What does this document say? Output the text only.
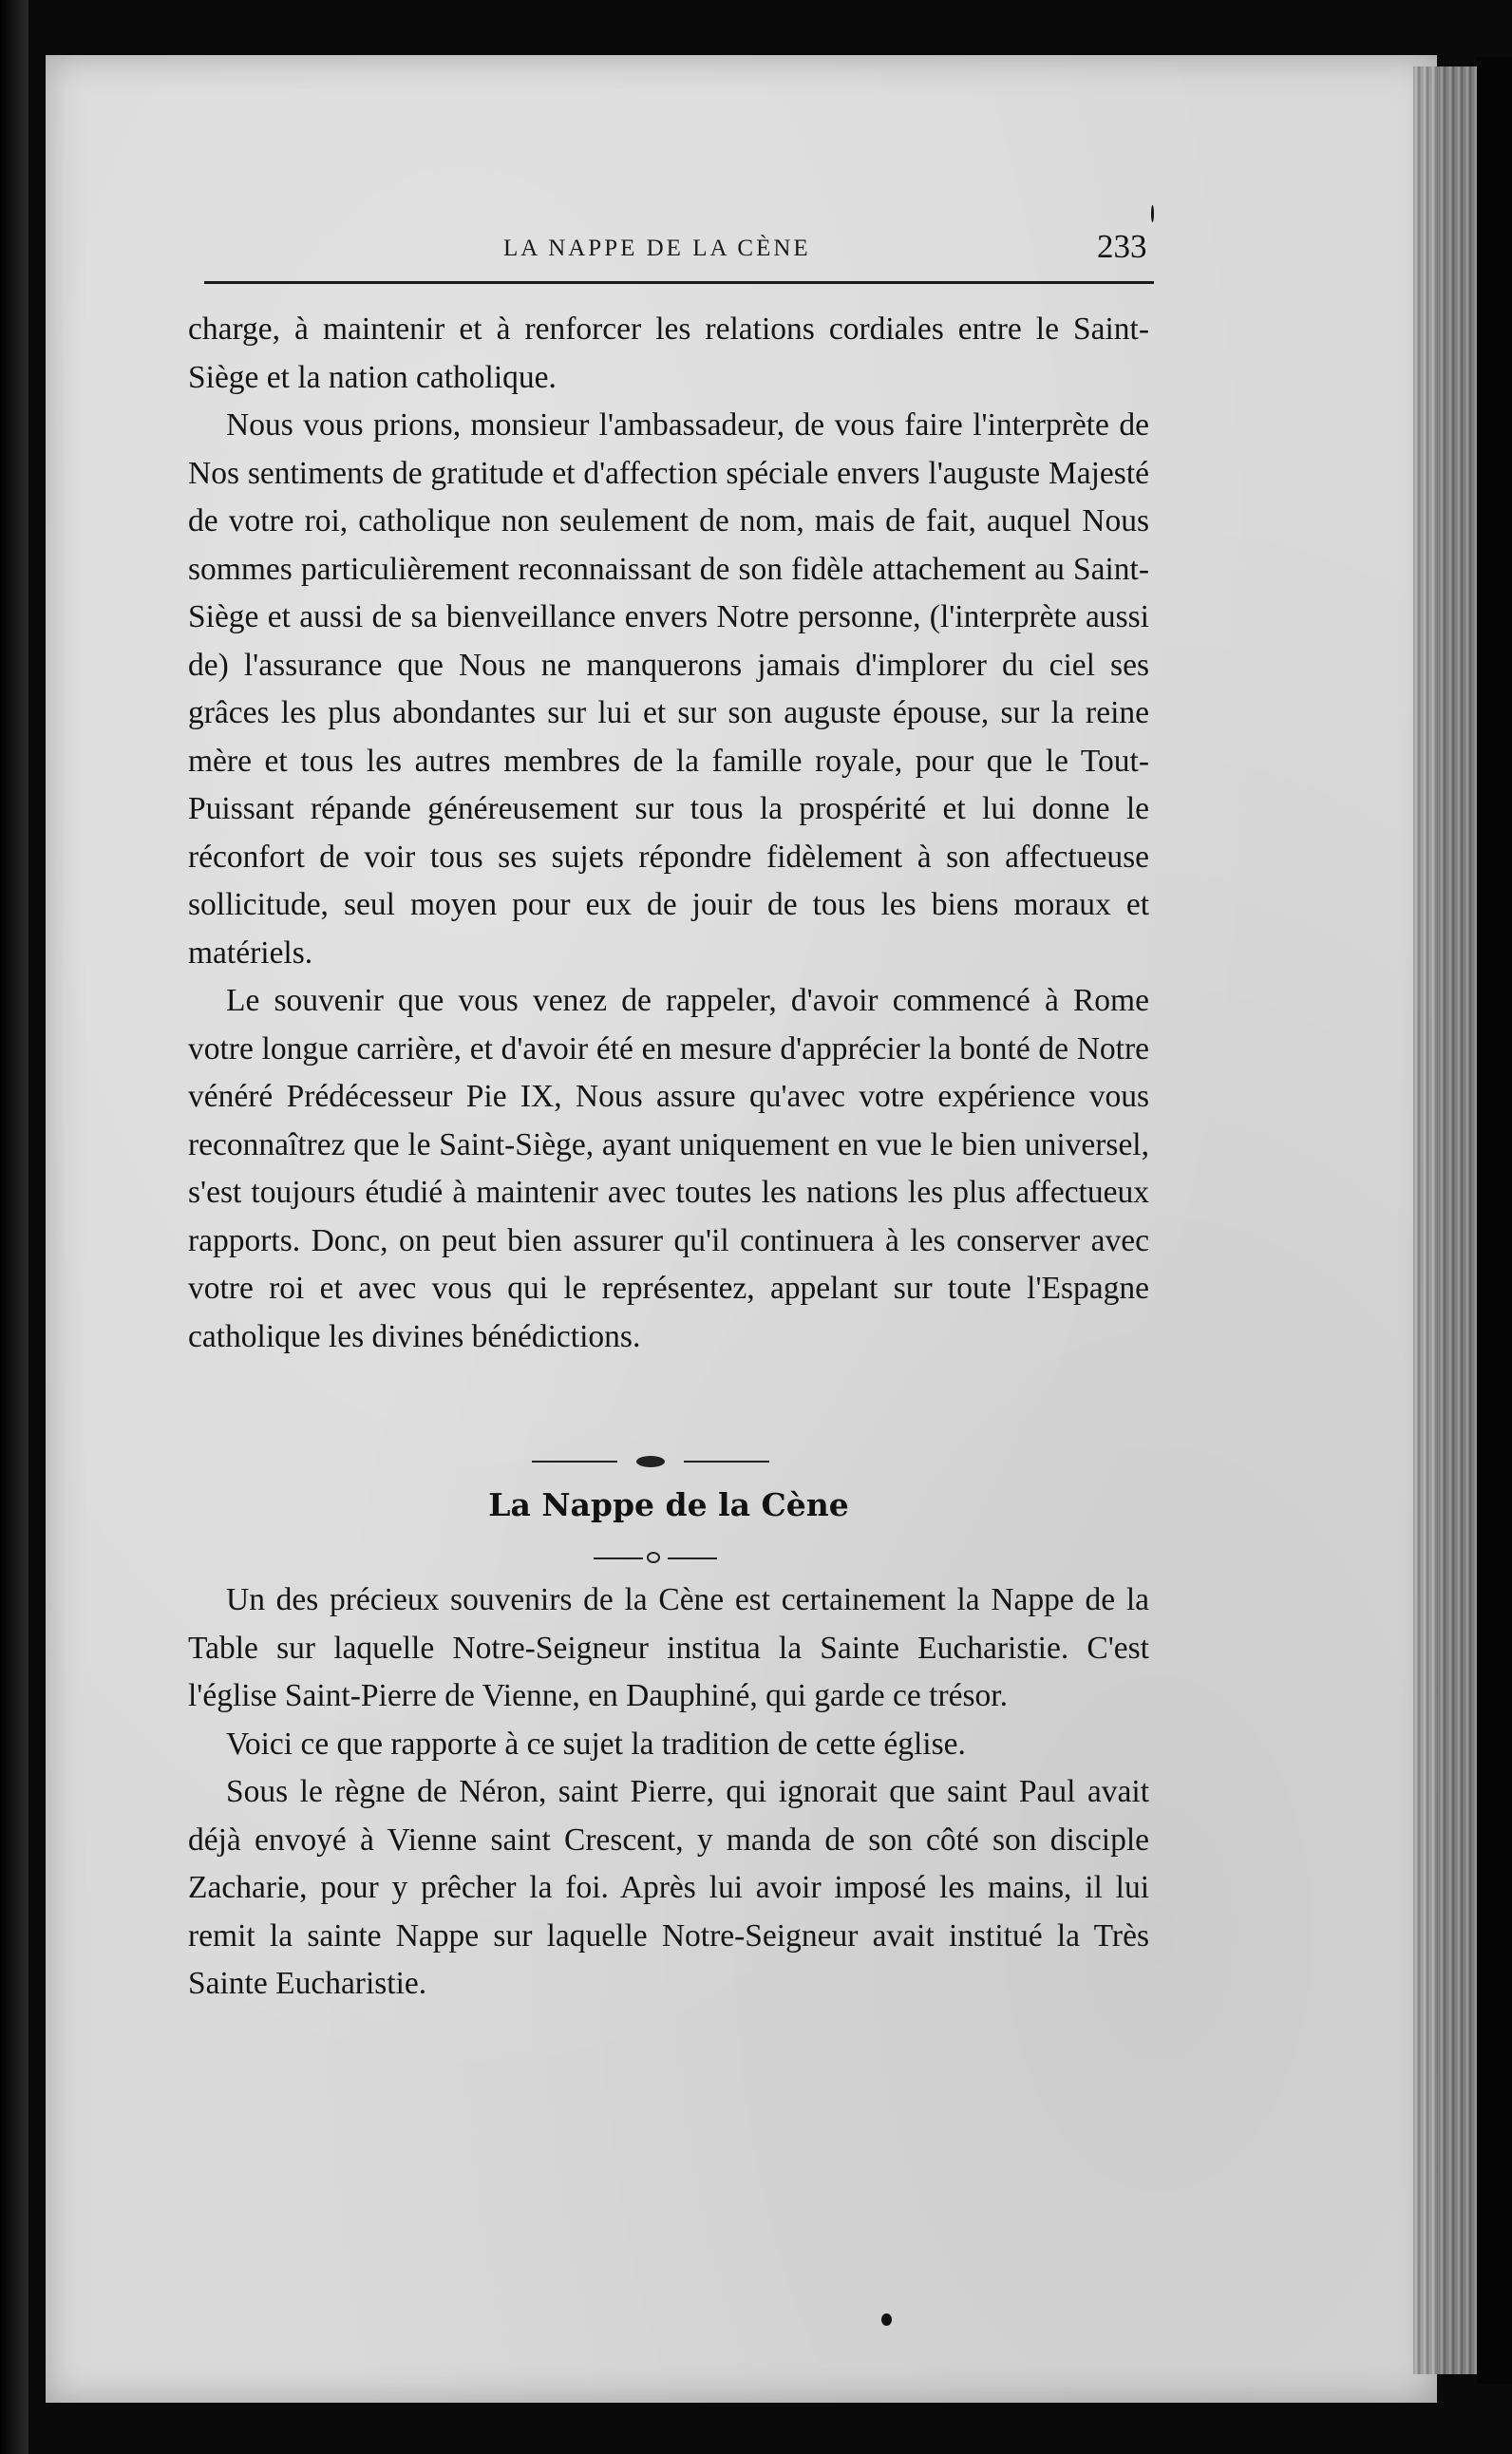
LA NAPPE DE LA CÈNE	233

charge, à maintenir et à renforcer les relations cordiales entre le Saint-Siège et la nation catholique.

Nous vous prions, monsieur l'ambassadeur, de vous faire l'interprète de Nos sentiments de gratitude et d'affection spéciale envers l'auguste Majesté de votre roi, catholique non seulement de nom, mais de fait, auquel Nous sommes particulièrement reconnaissant de son fidèle attachement au Saint-Siège et aussi de sa bienveillance envers Notre personne, (l'interprète aussi de) l'assurance que Nous ne manquerons jamais d'implorer du ciel ses grâces les plus abondantes sur lui et sur son auguste épouse, sur la reine mère et tous les autres membres de la famille royale, pour que le Tout-Puissant répande généreusement sur tous la prospérité et lui donne le réconfort de voir tous ses sujets répondre fidèlement à son affectueuse sollicitude, seul moyen pour eux de jouir de tous les biens moraux et matériels.

Le souvenir que vous venez de rappeler, d'avoir commencé à Rome votre longue carrière, et d'avoir été en mesure d'apprécier la bonté de Notre vénéré Prédécesseur Pie IX, Nous assure qu'avec votre expérience vous reconnaîtrez que le Saint-Siège, ayant uniquement en vue le bien universel, s'est toujours étudié à maintenir avec toutes les nations les plus affectueux rapports. Donc, on peut bien assurer qu'il continuera à les conserver avec votre roi et avec vous qui le représentez, appelant sur toute l'Espagne catholique les divines bénédictions.

La Nappe de la Cène

Un des précieux souvenirs de la Cène est certainement la Nappe de la Table sur laquelle Notre-Seigneur institua la Sainte Eucharistie. C'est l'église Saint-Pierre de Vienne, en Dauphiné, qui garde ce trésor.

Voici ce que rapporte à ce sujet la tradition de cette église.

Sous le règne de Néron, saint Pierre, qui ignorait que saint Paul avait déjà envoyé à Vienne saint Crescent, y manda de son côté son disciple Zacharie, pour y prêcher la foi. Après lui avoir imposé les mains, il lui remit la sainte Nappe sur laquelle Notre-Seigneur avait institué la Très Sainte Eucharistie.
